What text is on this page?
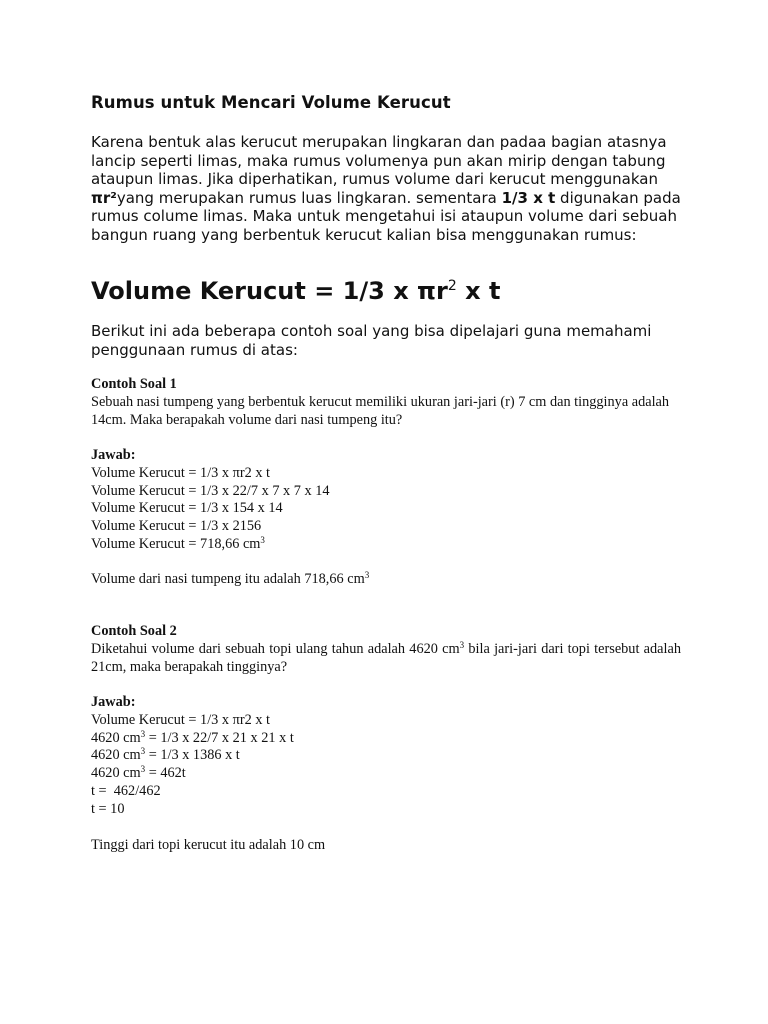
Rumus untuk Mencari Volume Kerucut

Karena bentuk alas kerucut merupakan lingkaran dan padaa bagian atasnya lancip seperti limas, maka rumus volumenya pun akan mirip dengan tabung ataupun limas. Jika diperhatikan, rumus volume dari kerucut menggunakan πr²yang merupakan rumus luas lingkaran. sementara 1/3 x t digunakan pada rumus colume limas. Maka untuk mengetahui isi ataupun volume dari sebuah bangun ruang yang berbentuk kerucut kalian bisa menggunakan rumus:

Volume Kerucut = 1/3 x $\pi r^2$ x t

Berikut ini ada beberapa contoh soal yang bisa dipelajari guna memahami penggunaan rumus di atas:

Contoh Soal 1

Sebuah nasi tumpeng yang berbentuk kerucut memiliki ukuran jari-jari (r) 7 cm dan tingginya adalah 14cm. Maka berapakah volume dari nasi tumpeng itu?

Jawab:
Volume Kerucut = 1/3 x πr2 x t
Volume Kerucut = 1/3 x 22/7 x 7 x 7 x 14
Volume Kerucut = 1/3 x 154 x 14
Volume Kerucut = 1/3 x 2156
Volume Kerucut = 718,66 $cm^3$
Volume dari nasi tumpeng itu adalah 718,66 $cm^3$
Contoh Soal 2

Diketahui volume dari sebuah topi ulang tahun adalah 4620 $cm^3$ bila jari-jari dari topi tersebut adalah 21cm, maka berapakah tingginya?

Jawab:
Volume Kerucut = 1/3 x πr2 x t
4620 $cm^3 = 1/3$ x 22/7 x 21 x 21 x t
4620 $cm^3 = 1/3$ x 1386 x t
4620 $cm^3 = 462t$
t =  462/462
t = 10
Tinggi dari topi kerucut itu adalah 10 cm
